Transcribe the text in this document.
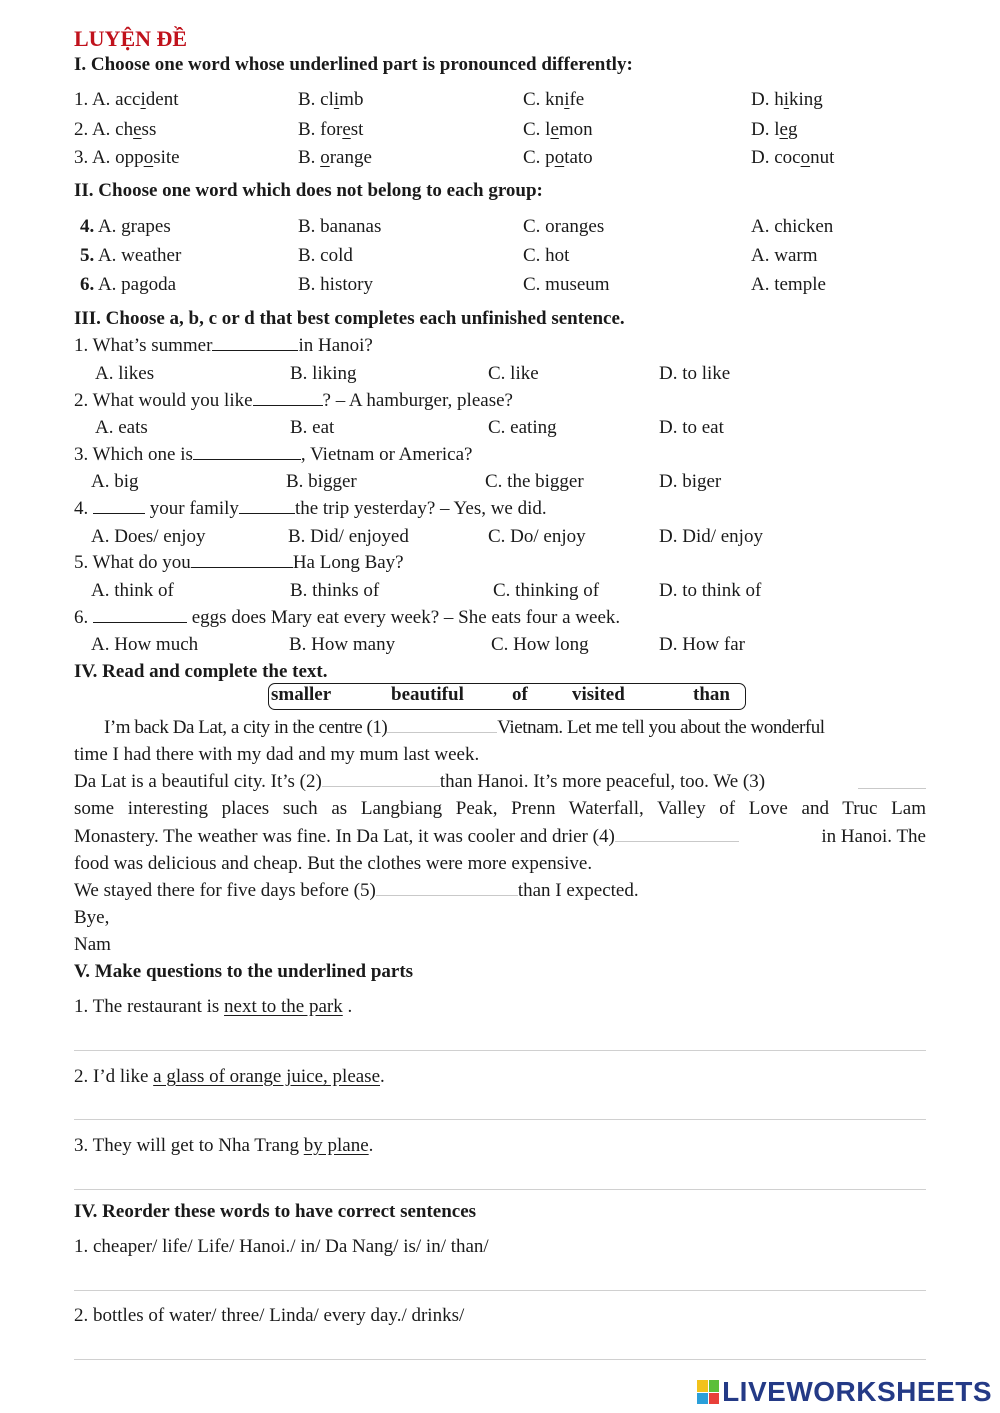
LUYỆN ĐỀ
I. Choose one word whose underlined part is pronounced differently:
1. A. accident	B. climb	C. knife	D. hiking
2. A. chess	B. forest	C. lemon	D. leg
3. A. opposite	B. orange	C. potato	D. coconut
II. Choose one word which does not belong to each group:
4. A. grapes	B. bananas	C. oranges	A. chicken
5. A. weather	B. cold	C. hot	A. warm
6. A. pagoda	B. history	C. museum	A. temple
III. Choose a, b, c or d that best completes each unfinished sentence.
1. What’s summer	in Hanoi?
A. likes	B. liking	C. like	D. to like
2. What would you like	? – A hamburger, please?
A. eats	B. eat	C. eating	D. to eat
3. Which one is	, Vietnam or America?
A. big	B. bigger	C. the bigger	D. biger
4.	your family	the trip yesterday? – Yes, we did.
A. Does/ enjoy	B. Did/ enjoyed	C. Do/ enjoy	D. Did/ enjoy
5. What do you	Ha Long Bay?
A. think of	B. thinks of	C. thinking of	D. to think of
6.	eggs does Mary eat every week? – She eats four a week.
A. How much	B. How many	C. How long	D. How far
IV. Read and complete the text.
smaller	beautiful	of visited	than
I’m back Da Lat, a city in the centre (1)	Vietnam. Let me tell you about the wonderful
time I had there with my dad and my mum last week.
Da Lat is a beautiful city. It’s (2)	than Hanoi. It’s more peaceful, too. We (3)
some interesting places such as Langbiang Peak, Prenn Waterfall, Valley of Love and Truc Lam
Monastery. The weather was fine. In Da Lat, it was cooler and drier (4)	in Hanoi. The
food was delicious and cheap. But the clothes were more expensive.
We stayed there for five days before (5)	than I expected.
Bye,
Nam
V. Make questions to the underlined parts
1. The restaurant is next to the park .
2. I’d like a glass of orange juice, please.
3. They will get to Nha Trang by plane.
IV. Reorder these words to have correct sentences
1. cheaper/ life/ Life/ Hanoi./ in/ Da Nang/ is/ in/ than/
2. bottles of water/ three/ Linda/ every day./ drinks/
LIVEWORKSHEETS
